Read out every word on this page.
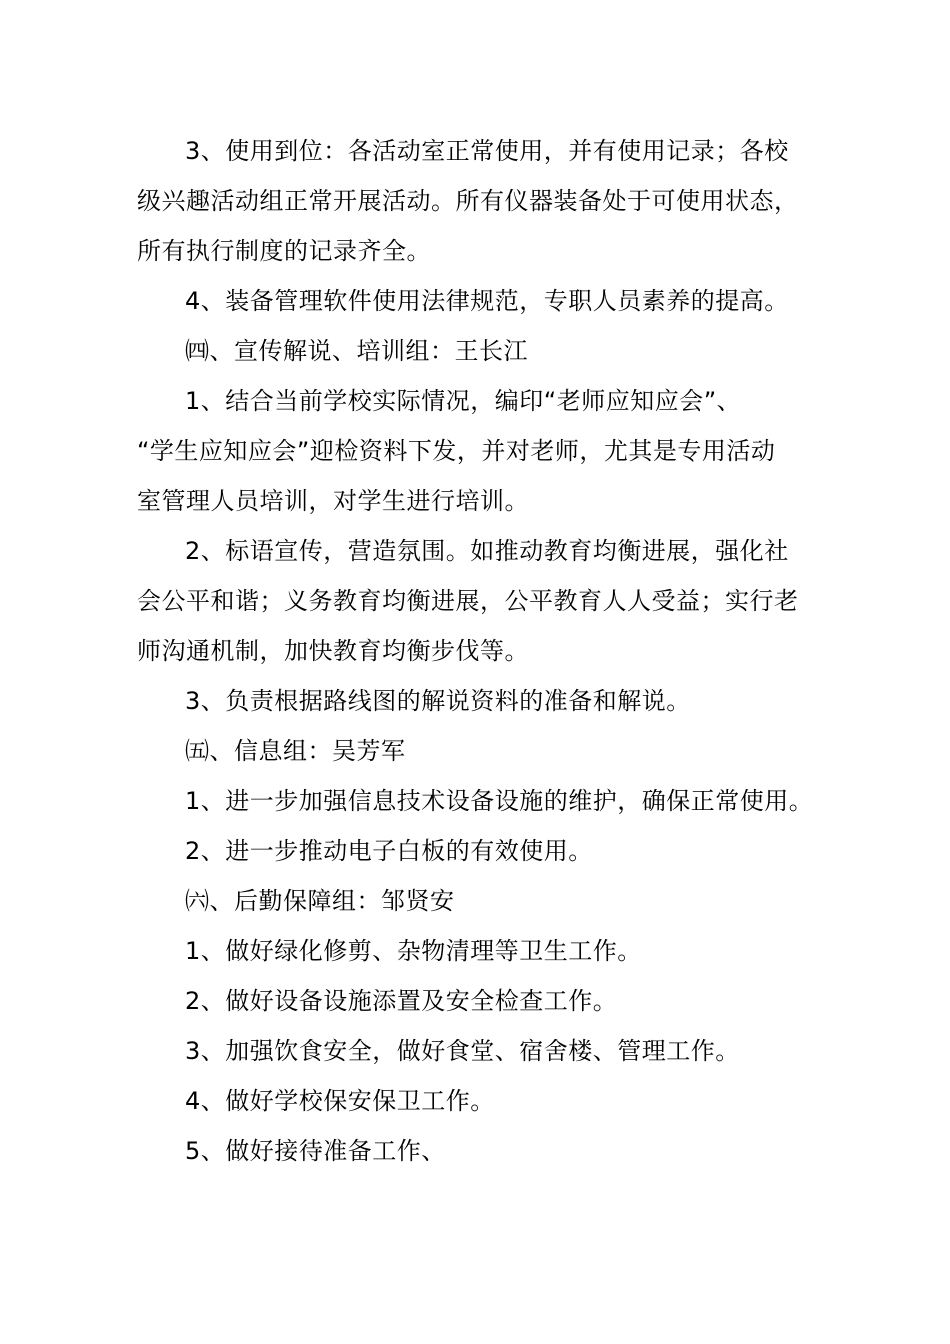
3、使用到位：各活动室正常使用，并有使用记录；各校
级兴趣活动组正常开展活动。所有仪器装备处于可使用状态，
所有执行制度的记录齐全。
4、装备管理软件使用法律规范，专职人员素养的提高。
㈣、宣传解说、培训组：王长江
1、结合当前学校实际情况，编印“老师应知应会”、
“学生应知应会”迎检资料下发，并对老师，尤其是专用活动
室管理人员培训，对学生进行培训。
2、标语宣传，营造氛围。如推动教育均衡进展，强化社
会公平和谐；义务教育均衡进展，公平教育人人受益；实行老
师沟通机制，加快教育均衡步伐等。
3、负责根据路线图的解说资料的准备和解说。
㈤、信息组：吴芳军
1、进一步加强信息技术设备设施的维护，确保正常使用。
2、进一步推动电子白板的有效使用。
㈥、后勤保障组：邹贤安
1、做好绿化修剪、杂物清理等卫生工作。
2、做好设备设施添置及安全检查工作。
3、加强饮食安全，做好食堂、宿舍楼、管理工作。
4、做好学校保安保卫工作。
5、做好接待准备工作、
